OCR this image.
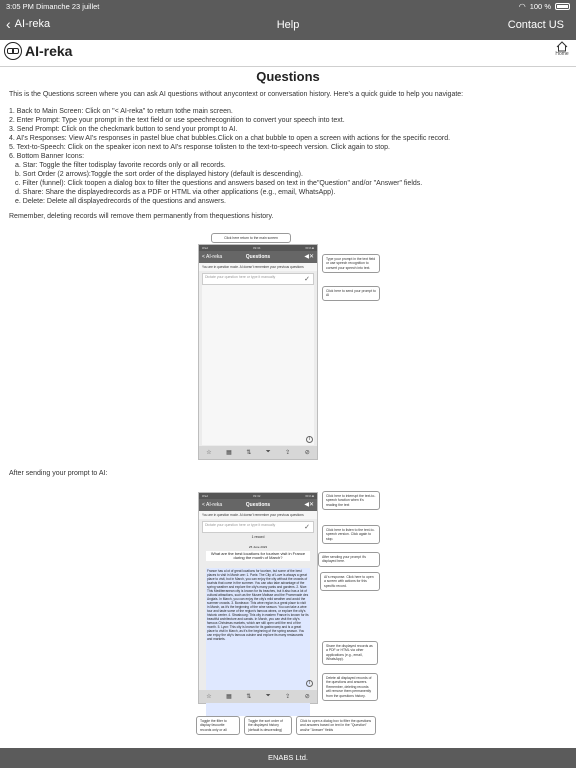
3:05 PM Dimanche 23 juillet	◠ 100 %
‹ AI-reka	Help	Contact US
AI-reka	Home
Questions
This is the Questions screen where you can ask AI questions without anycontext or conversation history. Here's a quick guide to help you navigate:
1. Back to Main Screen: Click on "< AI-reka" to return tothe main screen.
2. Enter Prompt: Type your prompt in the text field or use speechrecognition to convert your speech into text.
3. Send Prompt: Click on the checkmark button to send your prompt to AI.
4. AI's Responses: View AI's responses in pastel blue chat bubbles.Click on a chat bubble to open a screen with actions for the specific record.
5. Text-to-Speech: Click on the speaker icon next to AI's response tolisten to the text-to-speech version. Click again to stop.
6. Bottom Banner Icons:
a. Star: Toggle the filter todisplay favorite records only or all records.
b. Sort Order (2 arrows):Toggle the sort order of the displayed history (default is descending).
c. Filter (funnel): Click toopen a dialog box to filter the questions and answers based on text in the"Question" and/or "Answer" fields.
d. Share: Share the displayedrecords as a PDF or HTML via other applications (e.g., email, WhatsApp).
e. Delete: Delete all displayedrecords of the questions and answers.
Remember, deleting records will remove them permanently from thequestions history.
Click here return to the main screen
Type your prompt in the text field or use speech recognition to convert your speech into text.
Click here to send your prompt to AI
iPad	09:34	61% ■
< AI-reka	Questions	◀✕
You are in question mode. AI doesn't remember your previous questions
Dictate your question here or type it manually	✓
i
☆ ▦ ⇅ ⏷ ⇪ ⊘
After sending your prompt to AI:
Click here to interrupt the text-to-speech function when it's reading the text
Click here to listen to the text-to-speech version. Click again to stop.
After sending your prompt it's displayed here.
AI's response. Click here to open a screen with actions for this specific record.
Share the displayed records as a PDF or HTML via other applications (e.g., email, WhatsApp).
Delete all displayed records of the questions and answers. Remember, deleting records will remove them permanently from the questions history.
Toggle the filter to display favourite records only or all
Toggle the sort order of the displayed history (default is descending)
Click to open a dialog box to filter the questions and answers based on text in the "Question" and/or "Answer" fields
iPad	09:32	61% ■
< AI-reka	Questions	◀✕
You are in question mode. AI doesn't remember your previous questions
Dictate your question here or type it manually	✓
1 record
25 June 2023
What are the best locations for tourism visit in France during the month of March?
France has a lot of great locations for tourism, but some of the best places to visit in March are: 1. Paris: The City of Love is always a great place to visit, but in March, you can enjoy the city without the crowds of tourists that come in the summer. You can also take advantage of the spring weather and explore the city's many parks and gardens. 2. Nice: This Mediterranean city is known for its beaches, but it also has a lot of cultural attractions, such as the Musee Matisse and the Promenade des Anglais. In March, you can enjoy the city's mild weather and avoid the summer crowds. 3. Bordeaux: This wine region is a great place to visit in March, as it's the beginning of the wine season. You can take a wine tour and taste some of the region's famous wines, or explore the city's historic center. 4. Strasbourg: This city in eastern France is known for its beautiful architecture and canals. In March, you can visit the city's famous Christmas markets, which are still open until the end of the month. 5. Lyon: This city is known for its gastronomy and is a great place to visit in March, as it's the beginning of the spring season. You can enjoy the city's famous cuisine and explore its many restaurants and markets.
i
☆ ▦ ⇅ ⏷ ⇪ ⊘
ENABS Ltd.
